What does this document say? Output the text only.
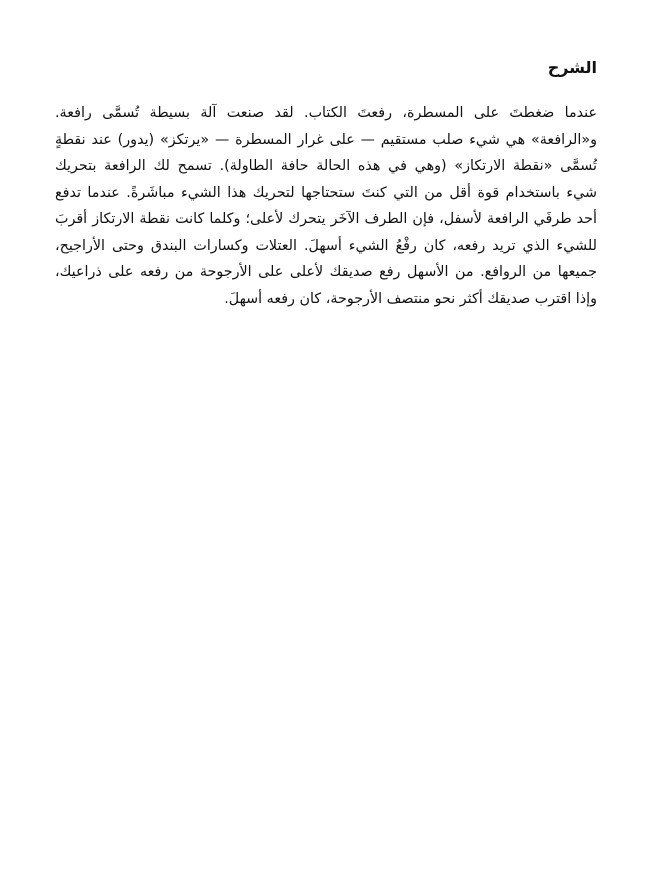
الشرح
عندما ضغطتَ على المسطرة، رفعتَ الكتاب. لقد صنعت آلة بسيطة تُسمَّى رافعة.
و«الرافعة» هي شيء صلب مستقيم — على غرار المسطرة — «يرتكز» (يدور) عند نقطةٍ
تُسمَّى «نقطة الارتكاز» (وهي في هذه الحالة حافة الطاولة). تسمح لك الرافعة بتحريك
شيء باستخدام قوة أقل من التي كنتَ ستحتاجها لتحريك هذا الشيء مباشَرةً. عندما تدفع
أحد طرفَي الرافعة لأسفل، فإن الطرف الآخَر يتحرك لأعلى؛ وكلما كانت نقطة الارتكاز أقربَ
للشيء الذي تريد رفعه، كان رفْعُ الشيء أسهلَ. العتلات وكسارات البندق وحتى الأراجيح،
جميعها من الروافع. من الأسهل رفع صديقك لأعلى على الأرجوحة من رفعه على ذراعيك،
وإذا اقترب صديقك أكثر نحو منتصف الأرجوحة، كان رفعه أسهلَ.
